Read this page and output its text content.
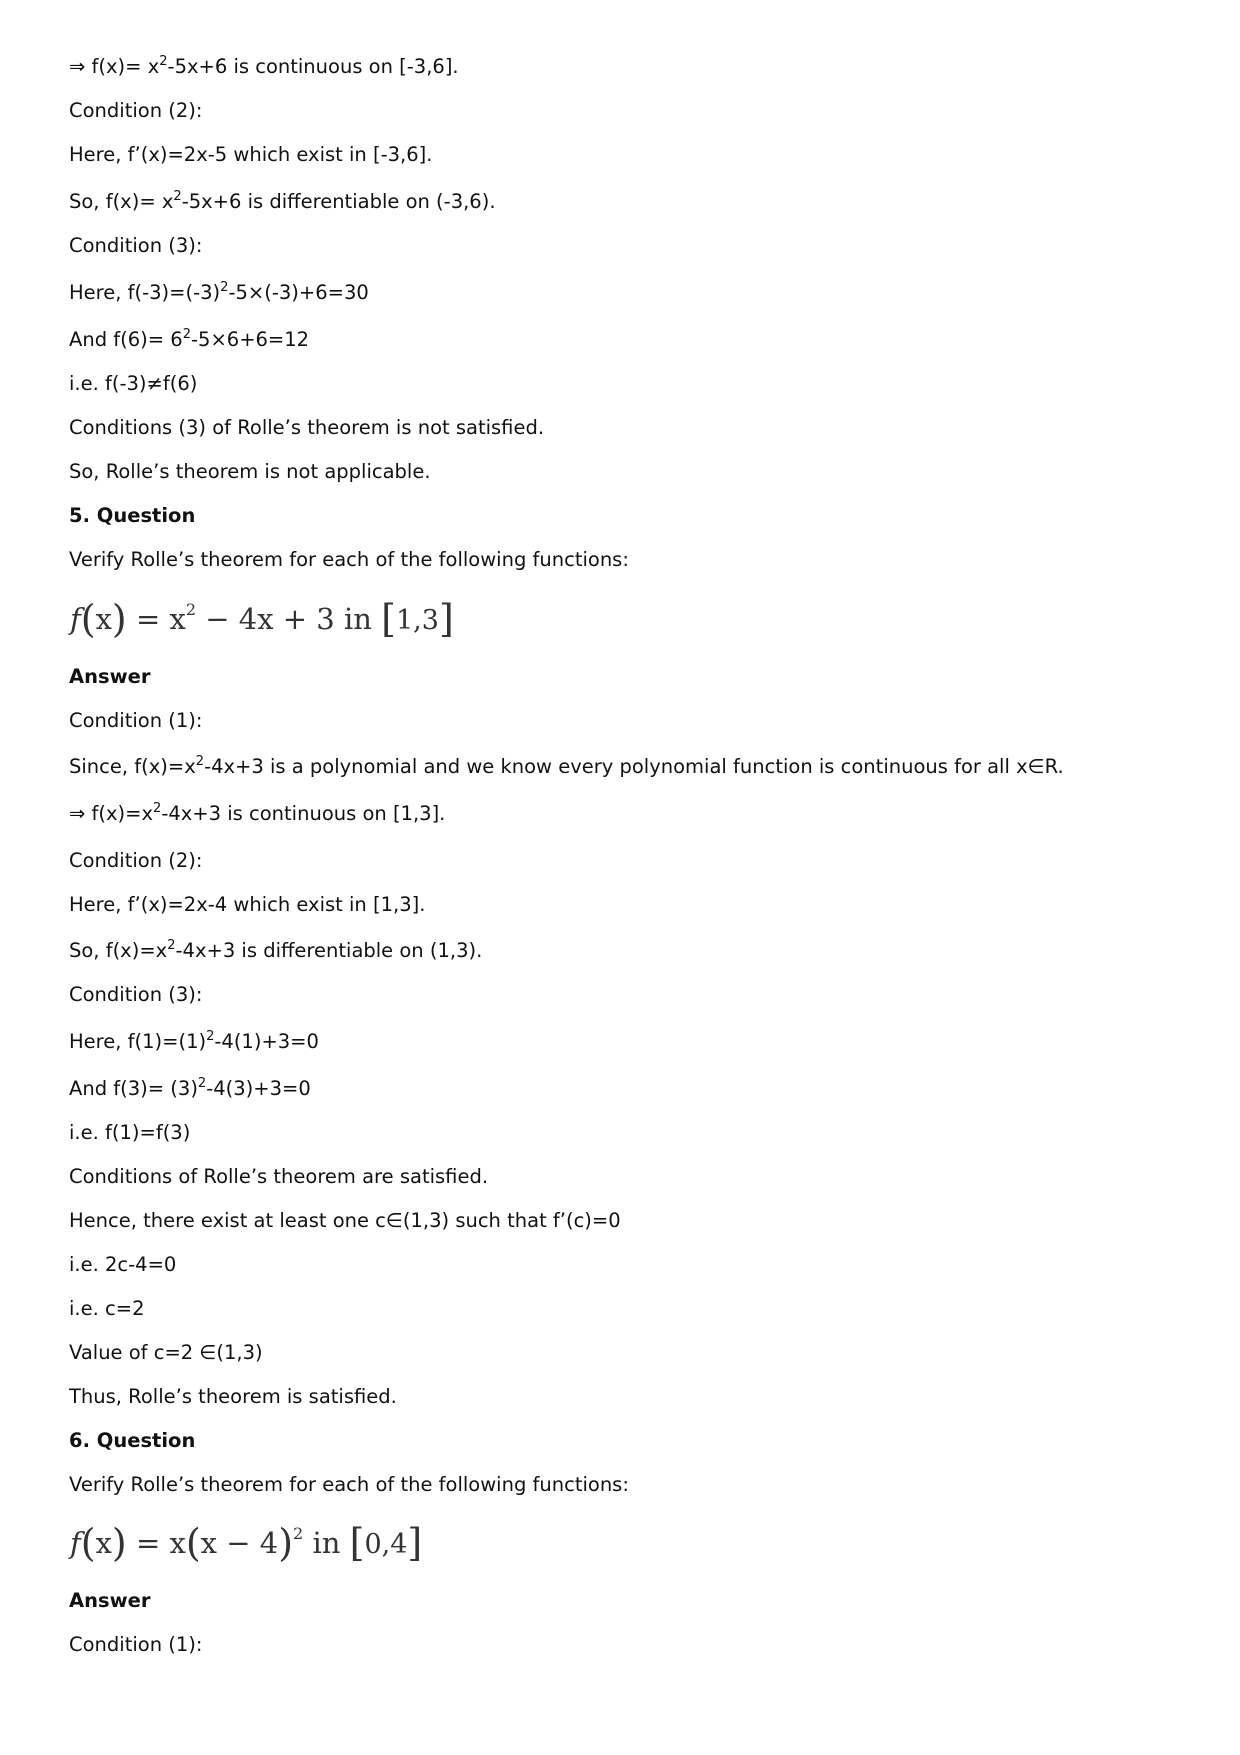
⇒ $f(x)= x^2-5x+6$ is continuous on [-3,6].
Condition (2):
Here, f’(x)=2x-5 which exist in [-3,6].
So, $f(x)= x^2-5x+6$ is differentiable on (-3,6).
Condition (3):
Here, $f(-3)=(-3)^2-5\times(-3)+6=30$
And $f(6)= 6^2-5\times 6+6=12$
i.e. f(-3)≠f(6)
Conditions (3) of Rolle’s theorem is not satisfied.
So, Rolle’s theorem is not applicable.
5. Question
Verify Rolle’s theorem for each of the following functions:
$f(x) = x^2 - 4x + 3$ in [1,3]
Answer
Condition (1):
Since, $f(x)=x^2-4x+3$ is a polynomial and we know every polynomial function is continuous for all x∈R.
⇒ $f(x)=x^2-4x+3$ is continuous on [1,3].
Condition (2):
Here, f’(x)=2x-4 which exist in [1,3].
So, $f(x)=x^2-4x+3$ is differentiable on (1,3).
Condition (3):
Here, $f(1)=(1)^2-4(1)+3=0$
And $f(3)= (3)^2-4(3)+3=0$
i.e. f(1)=f(3)
Conditions of Rolle’s theorem are satisfied.
Hence, there exist at least one c∈(1,3) such that f’(c)=0
i.e. 2c-4=0
i.e. c=2
Value of c=2 ∈(1,3)
Thus, Rolle’s theorem is satisfied.
6. Question
Verify Rolle’s theorem for each of the following functions:
$f(x) = x(x - 4)^2$ in [0,4]
Answer
Condition (1):
